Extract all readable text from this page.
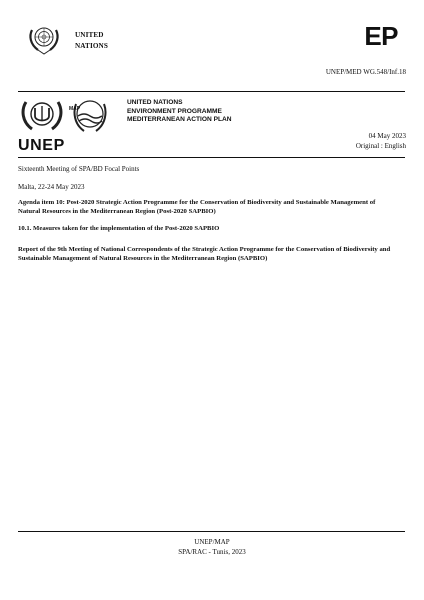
UNITED
NATIONS	EP
UNEP/MED WG.548/Inf.18
MAP
UNEP
UNITED NATIONS
ENVIRONMENT PROGRAMME
MEDITERRANEAN ACTION PLAN
04 May 2023
Original : English
Sixteenth Meeting of SPA/BD Focal Points
Malta, 22-24 May 2023
Agenda item 10: Post-2020 Strategic Action Programme for the Conservation of Biodiversity and Sustainable Management of Natural Resources in the Mediterranean Region (Post-2020 SAPBIO)
10.1. Measures taken for the implementation of the Post-2020 SAPBIO
Report of the 9th Meeting of National Correspondents of the Strategic Action Programme for the Conservation of Biodiversity and Sustainable Management of Natural Resources in the Mediterranean Region (SAPBIO)
UNEP/MAP
SPA/RAC - Tunis, 2023
